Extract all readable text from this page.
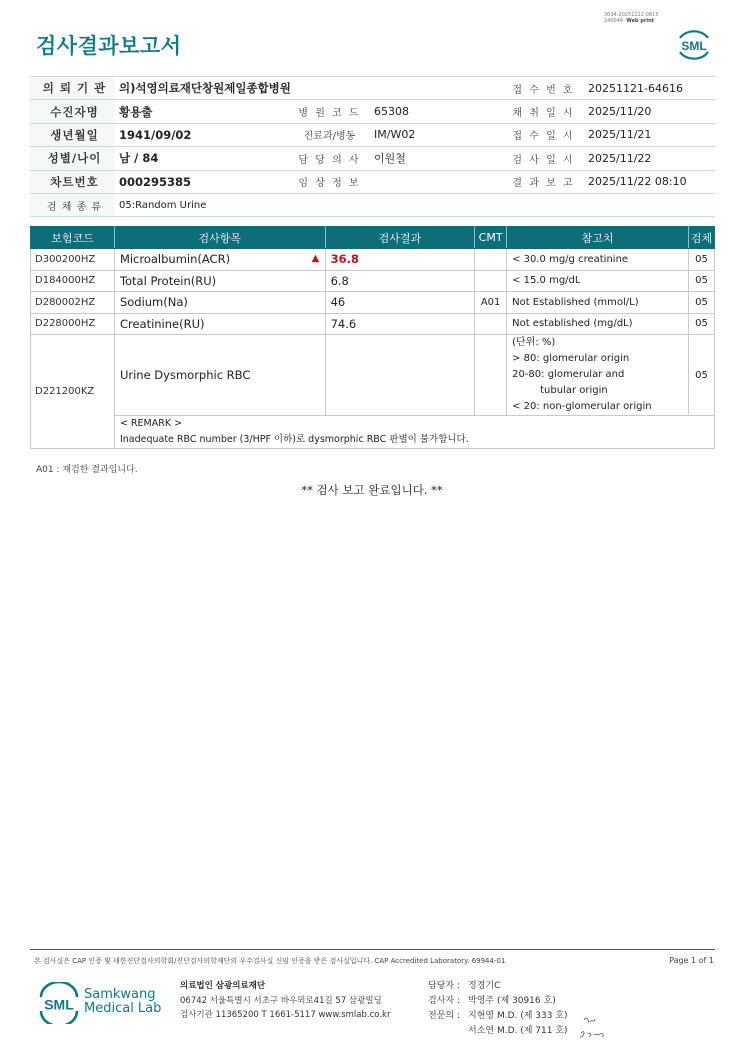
검사결과보고서
3034-20251122-0815
240046 Web print
SML
의 뢰 기 관	의)석영의료재단창원제일종합병원			접 수 번 호	20251121-64616
수진자명	황용출	병 원 코 드	65308	채 취 일 시	2025/11/20
생년월일	1941/09/02	진료과/병동	IM/W02	접 수 일 시	2025/11/21
성별/나이	남 / 84	담 당 의 사	이원철	검 사 일 시	2025/11/22
차트번호	000295385	임 상 정 보		결 과 보 고	2025/11/22 08:10
검 체 종 류	05:Random Urine				
보험코드	검사항목	검사결과	CMT	참고치	검체
D300200HZ	Microalbumin(ACR)	▲ 36.8		< 30.0 mg/g creatinine	05
D184000HZ	Total Protein(RU)	6.8		< 15.0 mg/dL	05
D280002HZ	Sodium(Na)	46	A01	Not Established (mmol/L)	05
D228000HZ	Creatinine(RU)	74.6		Not established (mg/dL)	05
D221200KZ	Urine Dysmorphic RBC			(단위: %)
> 80: glomerular origin
20-80: glomerular and
tubular origin
< 20: non-glomerular origin	05

	< REMARK >
Inadequate RBC number (3/HPF 이하)로 dysmorphic RBC 판별이 불가합니다.				
A01 : 재검한 결과입니다.
** 검사 보고 완료입니다. **
본 검사실은 CAP 인증 및 대한진단검사의학회/진단검사의학재단의 우수검사실 신임 인증을 받은 검사실입니다. CAP Accredited Laboratory. 69944-01	Page 1 of 1
SML
Samkwang
Medical Lab
의료법인 삼광의료재단
06742 서울특별시 서초구 바우뫼로41길 57 삼광빌딩
검사기관 11365200 T 1661-5117 www.smlab.co.kr
담당자 : 정경기C
검사자 : 박영주 (제 30916 호)
전문의 : 지현영 M.D. (제 333 호)
서소연 M.D. (제 711 호)
